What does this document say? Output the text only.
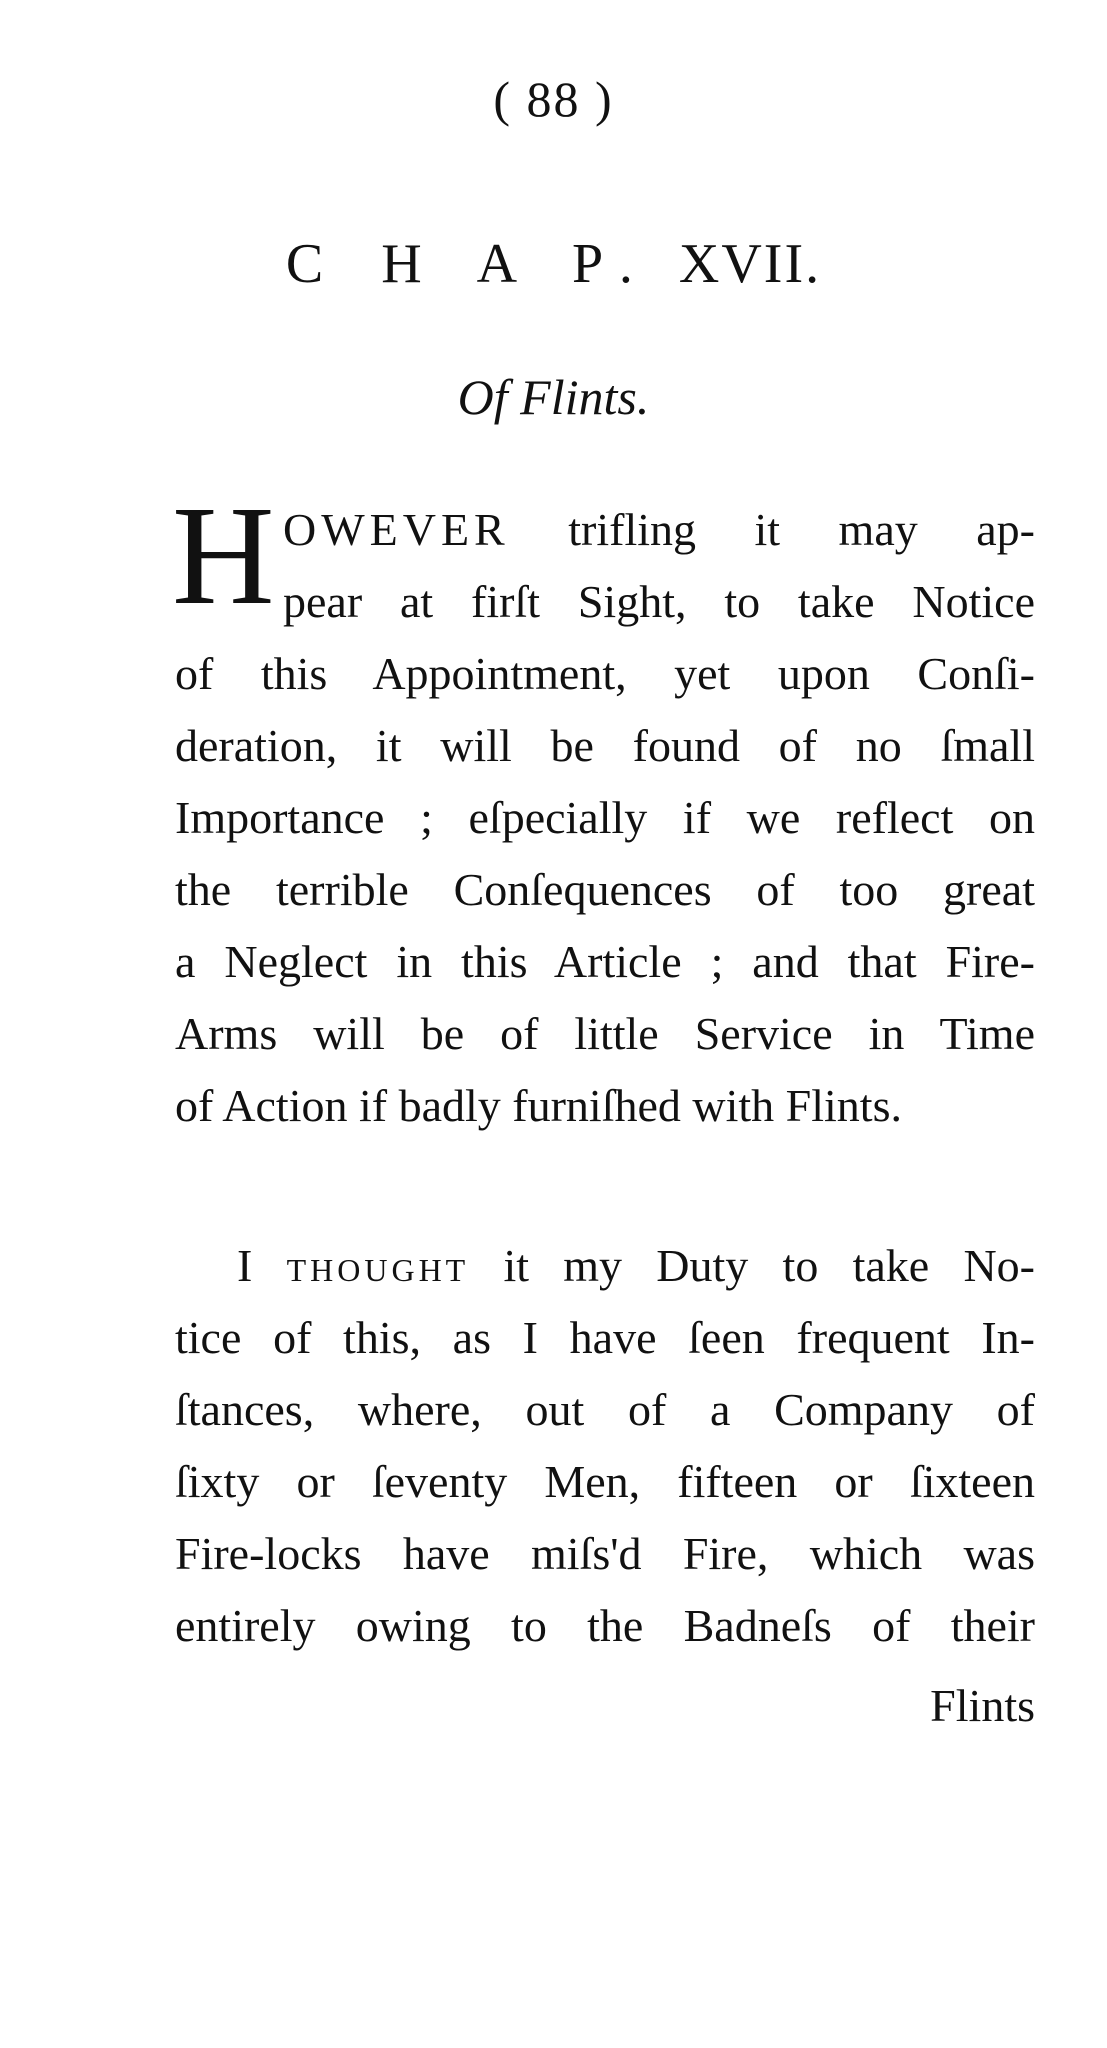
( 88 )
C H A P. XVII.
Of Flints.
H OWEVER trifling it may ap-
pear at firſt Sight, to take Notice
of this Appointment, yet upon Conſi-
deration, it will be found of no ſmall
Importance ; eſpecially if we reflect on
the terrible Conſequences of too great
a Neglect in this Article ; and that Fire-
Arms will be of little Service in Time
of Action if badly furniſhed with Flints.
I thought it my Duty to take No-
tice of this, as I have ſeen frequent In-
ſtances, where, out of a Company of
ſixty or ſeventy Men, fifteen or ſixteen
Fire-locks have miſs'd Fire, which was
entirely owing to the Badneſs of their
Flints
